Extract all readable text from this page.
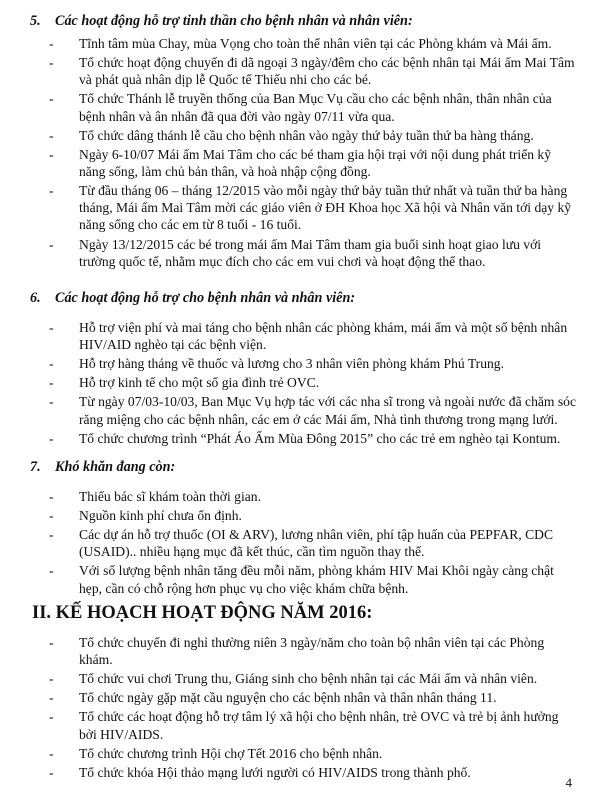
5. Các hoạt động hỗ trợ tinh thần cho bệnh nhân và nhân viên:
- Tĩnh tâm mùa Chay, mùa Vọng cho toàn thể nhân viên tại các Phòng khám và Mái ấm.
- Tổ chức hoạt động chuyến đi dã ngoại 3 ngày/đêm cho các bệnh nhân tại Mái ấm Mai Tâm và phát quà nhân dịp lễ Quốc tế Thiếu nhi cho các bé.
- Tổ chức Thánh lễ truyền thống của Ban Mục Vụ cầu cho các bệnh nhân, thân nhân của bệnh nhân và ân nhân đã qua đời vào ngày 07/11 vừa qua.
- Tổ chức dâng thánh lễ cầu cho bệnh nhân vào ngày thứ bảy tuần thứ ba hàng tháng.
- Ngày 6-10/07 Mái ấm Mai Tâm cho các bé tham gia hội trại với nội dung phát triển kỹ năng sống, làm chủ bản thân, và hoà nhập cộng đồng.
- Từ đầu tháng 06 – tháng 12/2015 vào mỗi ngày thứ bảy tuần thứ nhất và tuần thứ ba hàng tháng, Mái ấm Mai Tâm mời các giáo viên ở ĐH Khoa học Xã hội và Nhân văn tới dạy kỹ năng sống cho các em từ 8 tuổi - 16 tuổi.
- Ngày 13/12/2015 các bé trong mái ấm Mai Tâm tham gia buổi sinh hoạt giao lưu với trường quốc tế, nhằm mục đích cho các em vui chơi và hoạt động thể thao.
6. Các hoạt động hỗ trợ cho bệnh nhân và nhân viên:
- Hỗ trợ viện phí và mai táng cho bệnh nhân các phòng khám, mái ấm và một số bệnh nhân HIV/AID nghèo tại các bệnh viện.
- Hỗ trợ hàng tháng về thuốc và lương cho 3 nhân viên phòng khám Phú Trung.
- Hỗ trợ kinh tế cho một số gia đình trẻ OVC.
- Từ ngày 07/03-10/03, Ban Mục Vụ hợp tác với các nha sĩ trong và ngoài nước đã chăm sóc răng miệng cho các bệnh nhân, các em ở các Mái ấm, Nhà tình thương trong mạng lưới.
- Tổ chức chương trình “Phát Áo Ấm Mùa Đông 2015” cho các trẻ em nghèo tại Kontum.
7. Khó khăn đang còn:
- Thiếu bác sĩ khám toàn thời gian.
- Nguồn kinh phí chưa ổn định.
- Các dự án hỗ trợ thuốc (OI & ARV), lương nhân viên, phí tập huấn của PEPFAR, CDC (USAID).. nhiều hạng mục đã kết thúc, cần tìm nguồn thay thế.
- Với số lượng bệnh nhân tăng đều mỗi năm, phòng khám HIV Mai Khôi ngày càng chật hẹp, cần có chỗ rộng hơn phục vụ cho việc khám chữa bệnh.
II. KẾ HOẠCH HOẠT ĐỘNG NĂM 2016:
- Tổ chức chuyến đi nghỉ thường niên 3 ngày/năm cho toàn bộ nhân viên tại các Phòng khám.
- Tổ chức vui chơi Trung thu, Giáng sinh cho bệnh nhân tại các Mái ấm và nhân viên.
- Tổ chức ngày gặp mặt cầu nguyện cho các bệnh nhân và thân nhân tháng 11.
- Tổ chức các hoạt động hỗ trợ tâm lý xã hội cho bệnh nhân, trẻ OVC và trẻ bị ảnh hưởng bởi HIV/AIDS.
- Tổ chức chương trình Hội chợ Tết 2016 cho bệnh nhân.
- Tổ chức khóa Hội thảo mạng lưới người có HIV/AIDS trong thành phố.
4
